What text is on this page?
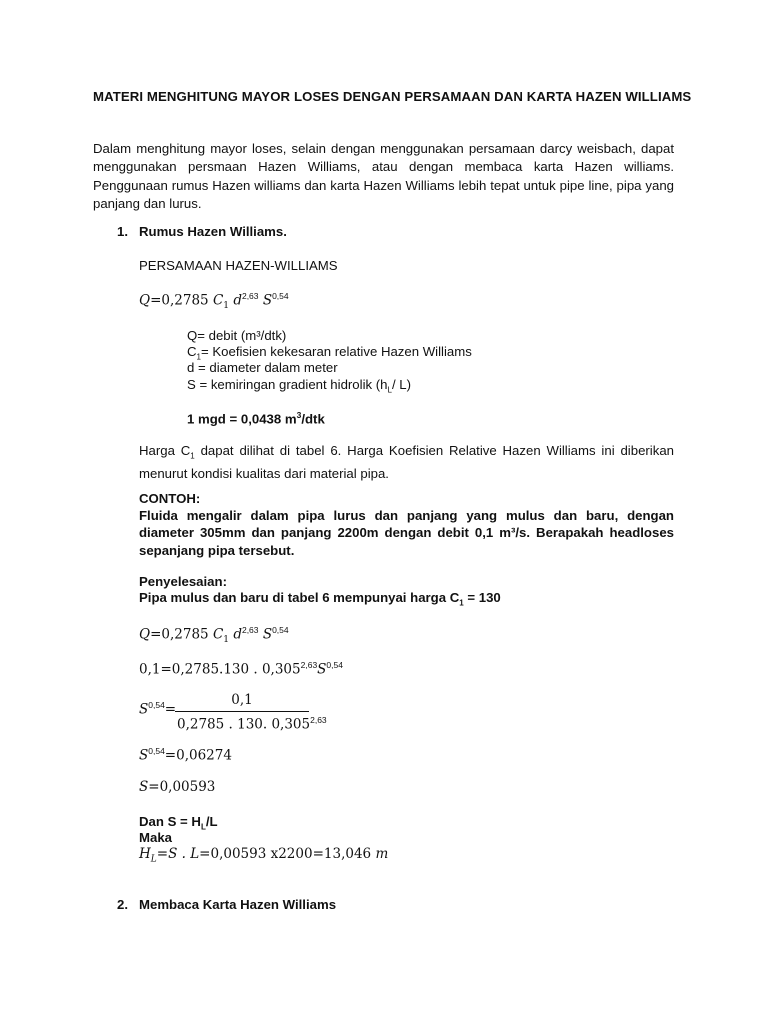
MATERI MENGHITUNG MAYOR LOSES DENGAN PERSAMAAN DAN KARTA HAZEN WILLIAMS
Dalam menghitung mayor loses, selain dengan menggunakan persamaan darcy weisbach, dapat menggunakan persmaan Hazen Williams, atau dengan membaca karta Hazen williams. Penggunaan rumus Hazen williams dan karta Hazen Williams lebih tepat untuk pipe line, pipa yang panjang dan lurus.
1. Rumus Hazen Williams.
PERSAMAAN HAZEN-WILLIAMS
Q=0,2785 $C_1$ $d^{2,63}$ S$^{0,54}$
Q= debit (m³/dtk)
$C_1=$ Koefisien kekesaran relative Hazen Williams
d = diameter dalam meter
S = kemiringan gradient hidrolik ($h_L/$ L)
1 mgd = 0,0438 $m^3$/dtk
Harga $C_1$ dapat dilihat di tabel 6. Harga Koefisien Relative Hazen Williams ini diberikan menurut kondisi kualitas dari material pipa.
CONTOH:
Fluida mengalir dalam pipa lurus dan panjang yang mulus dan baru, dengan diameter 305mm dan panjang 2200m dengan debit 0,1 m³/s. Berapakah headloses sepanjang pipa tersebut.
Penyelesaian:
Pipa mulus dan baru di tabel 6 mempunyai harga $C_1 = 130$
Q=0,2785 $C_1$ $d^{2,63}$ S$^{0,54}$
0,1=0,2785.130 . $0,305^{2,63}S^{0,54}$
S$^{0,54}$=
0,1
0,2785 . 130. 0,305$^{2,63}$
S$^{0,54}$=0,06274
S=0,00593
Dan $S = H_L/L$
Maka
$H_L=S$ . L=0,00593 x2200=13,046 m
2. Membaca Karta Hazen Williams
